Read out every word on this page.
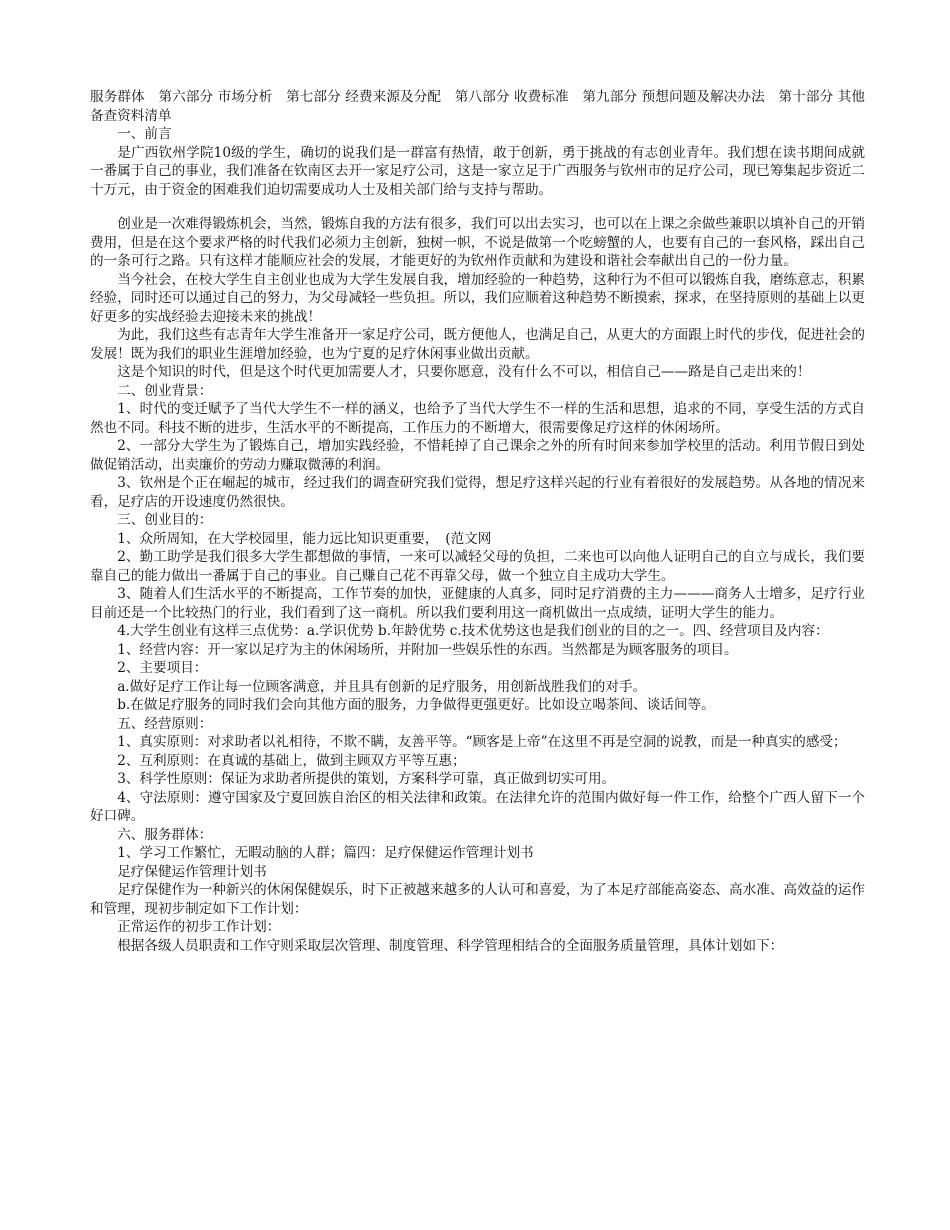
服务群体　第六部分 市场分析　第七部分 经费来源及分配　第八部分 收费标准　第九部分 预想问题及解决办法　第十部分 其他　备查资料清单

一、前言

是广西钦州学院10级的学生，确切的说我们是一群富有热情，敢于创新，勇于挑战的有志创业青年。我们想在读书期间成就一番属于自己的事业，我们准备在钦南区去开一家足疗公司，这是一家立足于广西服务与钦州市的足疗公司，现已筹集起步资近二十万元，由于资金的困难我们迫切需要成功人士及相关部门给与支持与帮助。

创业是一次难得锻炼机会，当然，锻炼自我的方法有很多，我们可以出去实习，也可以在上课之余做些兼职以填补自己的开销费用，但是在这个要求严格的时代我们必须力主创新，独树一帜，不说是做第一个吃螃蟹的人，也要有自己的一套风格，踩出自己的一条可行之路。只有这样才能顺应社会的发展，才能更好的为钦州作贡献和为建设和谐社会奉献出自己的一份力量。

当今社会，在校大学生自主创业也成为大学生发展自我，增加经验的一种趋势，这种行为不但可以锻炼自我，磨练意志，积累经验，同时还可以通过自己的努力，为父母减轻一些负担。所以，我们应顺着这种趋势不断摸索，探求，在坚持原则的基础上以更好更多的实战经验去迎接未来的挑战！

为此，我们这些有志青年大学生准备开一家足疗公司，既方便他人，也满足自己，从更大的方面跟上时代的步伐，促进社会的发展！既为我们的职业生涯增加经验，也为宁夏的足疗休闲事业做出贡献。

这是个知识的时代，但是这个时代更加需要人才，只要你愿意，没有什么不可以，相信自己——路是自己走出来的！

二、创业背景：

1、时代的变迁赋予了当代大学生不一样的涵义，也给予了当代大学生不一样的生活和思想，追求的不同，享受生活的方式自然也不同。科技不断的进步，生活水平的不断提高，工作压力的不断增大，很需要像足疗这样的休闲场所。

2、一部分大学生为了锻炼自己，增加实践经验，不惜耗掉了自己课余之外的所有时间来参加学校里的活动。利用节假日到处做促销活动，出卖廉价的劳动力赚取微薄的利润。

3、钦州是个正在崛起的城市，经过我们的调查研究我们觉得，想足疗这样兴起的行业有着很好的发展趋势。从各地的情况来看，足疗店的开设速度仍然很快。

三、创业目的：

1、众所周知，在大学校园里，能力远比知识更重要，　(范文网

2、勤工助学是我们很多大学生都想做的事情，一来可以减轻父母的负担，二来也可以向他人证明自己的自立与成长，我们要靠自己的能力做出一番属于自己的事业。自己赚自己花不再靠父母，做一个独立自主成功大学生。

3、随着人们生活水平的不断提高，工作节奏的加快，亚健康的人真多，同时足疗消费的主力———商务人士增多，足疗行业目前还是一个比较热门的行业，我们看到了这一商机。所以我们要利用这一商机做出一点成绩，证明大学生的能力。

4.大学生创业有这样三点优势：a.学识优势 b.年龄优势 c.技术优势这也是我们创业的目的之一。四、经营项目及内容：

1、经营内容：开一家以足疗为主的休闲场所，并附加一些娱乐性的东西。当然都是为顾客服务的项目。

2、主要项目：

a.做好足疗工作让每一位顾客满意，并且具有创新的足疗服务，用创新战胜我们的对手。

b.在做足疗服务的同时我们会向其他方面的服务，力争做得更强更好。比如设立喝茶间、谈话间等。

五、经营原则：

1、真实原则：对求助者以礼相待，不欺不瞒，友善平等。“顾客是上帝”在这里不再是空洞的说教，而是一种真实的感受；

2、互利原则：在真诚的基础上，做到主顾双方平等互惠；

3、科学性原则：保证为求助者所提供的策划，方案科学可靠，真正做到切实可用。

4、守法原则：遵守国家及宁夏回族自治区的相关法律和政策。在法律允许的范围内做好每一件工作，给整个广西人留下一个好口碑。

六、服务群体：

1、学习工作繁忙，无暇动脑的人群；篇四：足疗保健运作管理计划书

足疗保健运作管理计划书

足疗保健作为一种新兴的休闲保健娱乐，时下正被越来越多的人认可和喜爱，为了本足疗部能高姿态、高水准、高效益的运作和管理，现初步制定如下工作计划：

正常运作的初步工作计划：

根据各级人员职责和工作守则采取层次管理、制度管理、科学管理相结合的全面服务质量管理，具体计划如下：
